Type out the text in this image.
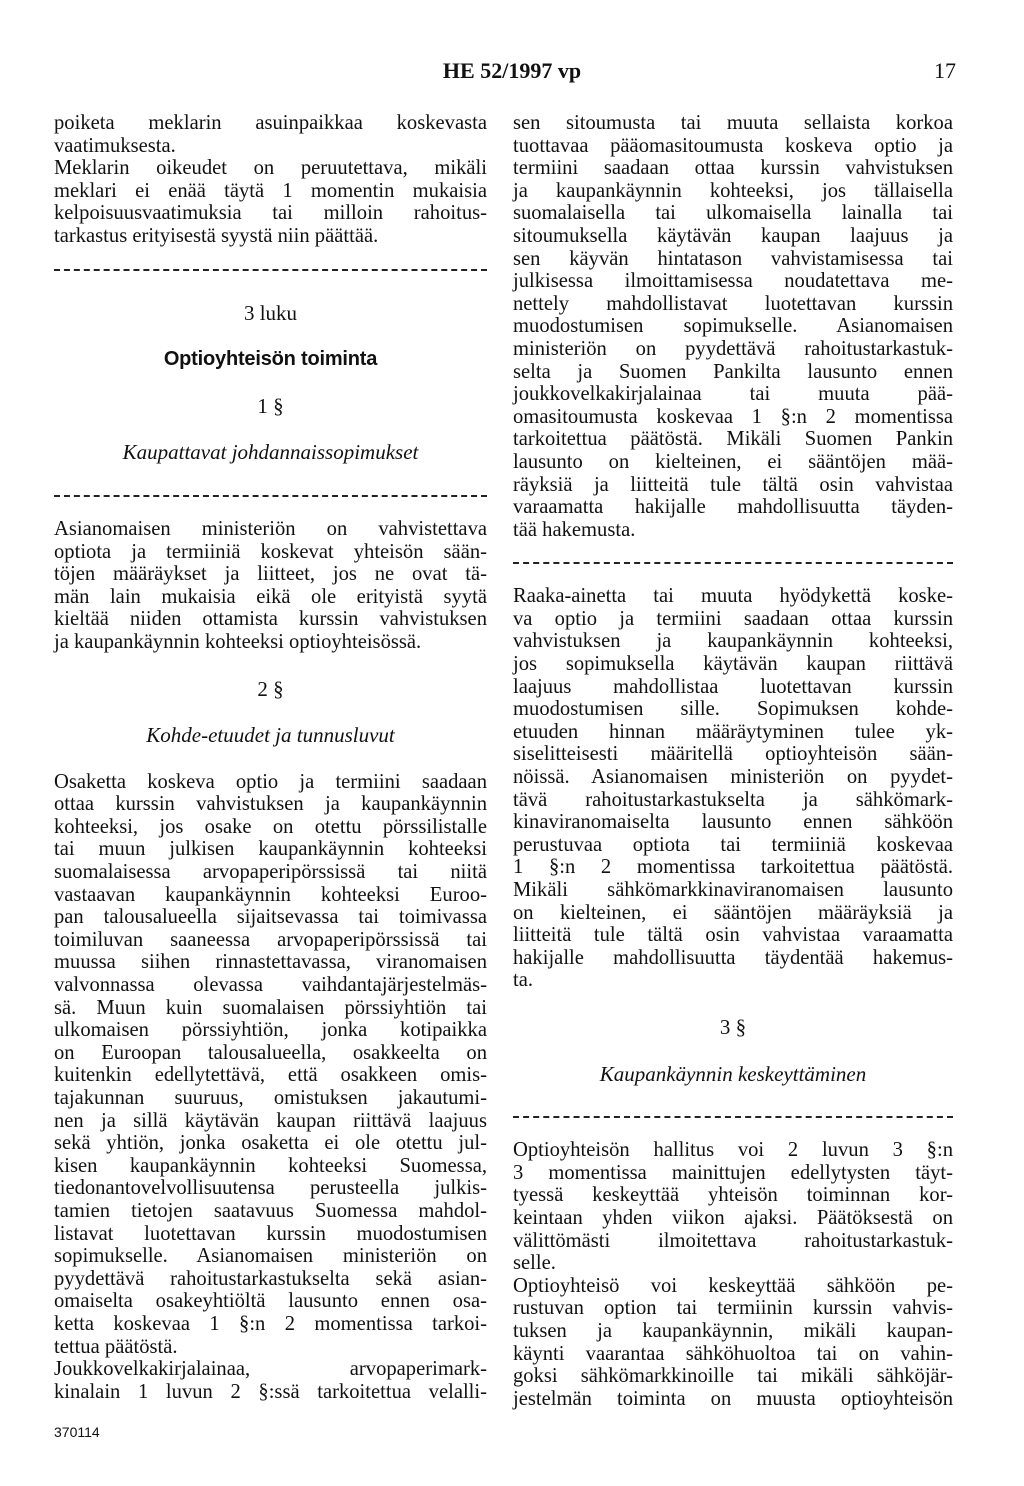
HE 52/1997 vp	17
poiketa meklarin asuinpaikkaa koskevasta
vaatimuksesta.
Meklarin oikeudet on peruutettava, mikäli
meklari ei enää täytä 1 momentin mukaisia
kelpoisuusvaatimuksia tai milloin rahoitus-
tarkastus erityisestä syystä niin päättää.
3 luku
Optioyhteisön toiminta
1 §
Kaupattavat johdannaissopimukset
Asianomaisen ministeriön on vahvistettava
optiota ja termiiniä koskevat yhteisön sään-
töjen määräykset ja liitteet, jos ne ovat tä-
män lain mukaisia eikä ole erityistä syytä
kieltää niiden ottamista kurssin vahvistuksen
ja kaupankäynnin kohteeksi optioyhteisössä.
2 §
Kohde-etuudet ja tunnusluvut
Osaketta koskeva optio ja termiini saadaan
ottaa kurssin vahvistuksen ja kaupankäynnin
kohteeksi, jos osake on otettu pörssilistalle
tai muun julkisen kaupankäynnin kohteeksi
suomalaisessa arvopaperipörssissä tai niitä
vastaavan kaupankäynnin kohteeksi Euroo-
pan talousalueella sijaitsevassa tai toimivassa
toimiluvan saaneessa arvopaperipörssissä tai
muussa siihen rinnastettavassa, viranomaisen
valvonnassa olevassa vaihdantajärjestelmäs-
sä. Muun kuin suomalaisen pörssiyhtiön tai
ulkomaisen pörssiyhtiön, jonka kotipaikka
on Euroopan talousalueella, osakkeelta on
kuitenkin edellytettävä, että osakkeen omis-
tajakunnan suuruus, omistuksen jakautumi-
nen ja sillä käytävän kaupan riittävä laajuus
sekä yhtiön, jonka osaketta ei ole otettu jul-
kisen kaupankäynnin kohteeksi Suomessa,
tiedonantovelvollisuutensa perusteella julkis-
tamien tietojen saatavuus Suomessa mahdol-
listavat luotettavan kurssin muodostumisen
sopimukselle. Asianomaisen ministeriön on
pyydettävä rahoitustarkastukselta sekä asian-
omaiselta osakeyhtiöltä lausunto ennen osa-
ketta koskevaa 1 §:n 2 momentissa tarkoi-
tettua päätöstä.
Joukkovelkakirjalainaa, arvopaperimark-
kinalain 1 luvun 2 §:ssä tarkoitettua velalli-
sen sitoumusta tai muuta sellaista korkoa
tuottavaa pääomasitoumusta koskeva optio ja
termiini saadaan ottaa kurssin vahvistuksen
ja kaupankäynnin kohteeksi, jos tällaisella
suomalaisella tai ulkomaisella lainalla tai
sitoumuksella käytävän kaupan laajuus ja
sen käyvän hintatason vahvistamisessa tai
julkisessa ilmoittamisessa noudatettava me-
nettely mahdollistavat luotettavan kurssin
muodostumisen sopimukselle. Asianomaisen
ministeriön on pyydettävä rahoitustarkastuk-
selta ja Suomen Pankilta lausunto ennen
joukkovelkakirjalainaa tai muuta pää-
omasitoumusta koskevaa 1 §:n 2 momentissa
tarkoitettua päätöstä. Mikäli Suomen Pankin
lausunto on kielteinen, ei sääntöjen mää-
räyksiä ja liitteitä tule tältä osin vahvistaa
varaamatta hakijalle mahdollisuutta täyden-
tää hakemusta.
Raaka-ainetta tai muuta hyödykettä koske-
va optio ja termiini saadaan ottaa kurssin
vahvistuksen ja kaupankäynnin kohteeksi,
jos sopimuksella käytävän kaupan riittävä
laajuus mahdollistaa luotettavan kurssin
muodostumisen sille. Sopimuksen kohde-
etuuden hinnan määräytyminen tulee yk-
siselitteisesti määritellä optioyhteisön sään-
nöissä. Asianomaisen ministeriön on pyydet-
tävä rahoitustarkastukselta ja sähkömark-
kinaviranomaiselta lausunto ennen sähköön
perustuvaa optiota tai termiiniä koskevaa
1 §:n 2 momentissa tarkoitettua päätöstä.
Mikäli sähkömarkkinaviranomaisen lausunto
on kielteinen, ei sääntöjen määräyksiä ja
liitteitä tule tältä osin vahvistaa varaamatta
hakijalle mahdollisuutta täydentää hakemus-
ta.
3 §
Kaupankäynnin keskeyttäminen
Optioyhteisön hallitus voi 2 luvun 3 §:n
3 momentissa mainittujen edellytysten täyt-
tyessä keskeyttää yhteisön toiminnan kor-
keintaan yhden viikon ajaksi. Päätöksestä on
välittömästi ilmoitettava rahoitustarkastuk-
selle.
Optioyhteisö voi keskeyttää sähköön pe-
rustuvan option tai termiinin kurssin vahvis-
tuksen ja kaupankäynnin, mikäli kaupan-
käynti vaarantaa sähköhuoltoa tai on vahin-
goksi sähkömarkkinoille tai mikäli sähköjär-
jestelmän toiminta on muusta optioyhteisön
370114
